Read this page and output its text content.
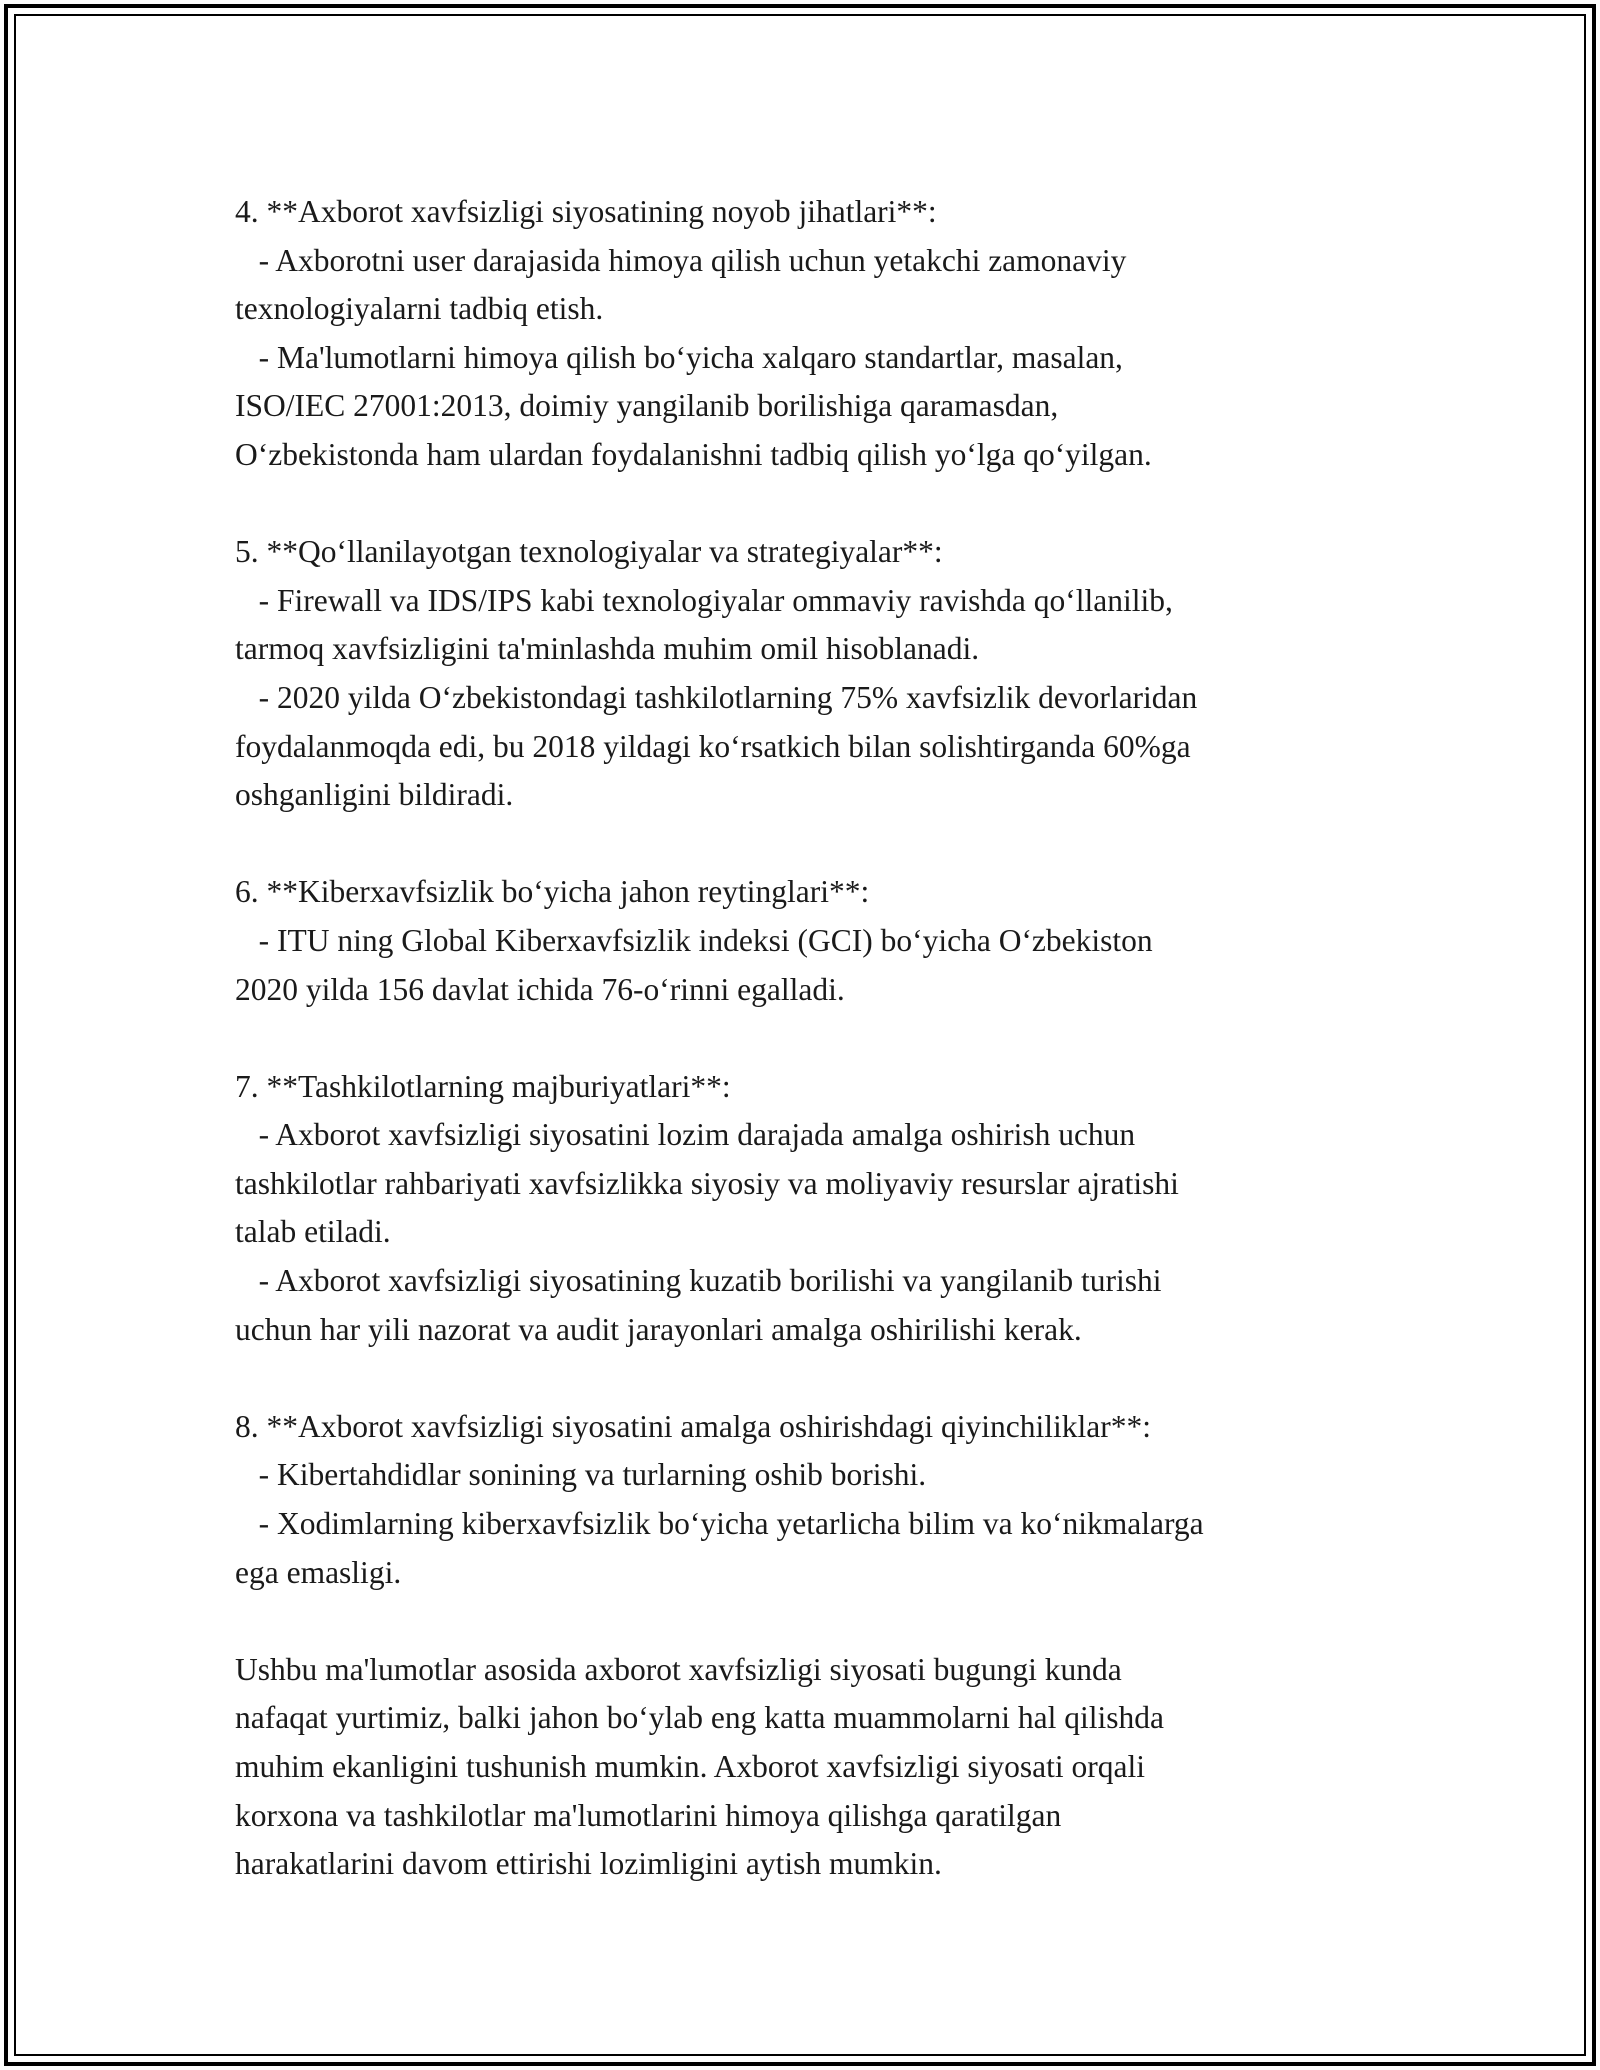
4. **Axborot xavfsizligi siyosatining noyob jihatlari**:
- Axborotni user darajasida himoya qilish uchun yetakchi zamonaviy
texnologiyalarni tadbiq etish.
- Ma'lumotlarni himoya qilish bo‘yicha xalqaro standartlar, masalan,
ISO/IEC 27001:2013, doimiy yangilanib borilishiga qaramasdan,
O‘zbekistonda ham ulardan foydalanishni tadbiq qilish yo‘lga qo‘yilgan.
5. **Qo‘llanilayotgan texnologiyalar va strategiyalar**:
- Firewall va IDS/IPS kabi texnologiyalar ommaviy ravishda qo‘llanilib,
tarmoq xavfsizligini ta'minlashda muhim omil hisoblanadi.
- 2020 yilda O‘zbekistondagi tashkilotlarning 75% xavfsizlik devorlaridan
foydalanmoqda edi, bu 2018 yildagi ko‘rsatkich bilan solishtirganda 60%ga
oshganligini bildiradi.
6. **Kiberxavfsizlik bo‘yicha jahon reytinglari**:
- ITU ning Global Kiberxavfsizlik indeksi (GCI) bo‘yicha O‘zbekiston
2020 yilda 156 davlat ichida 76-o‘rinni egalladi.
7. **Tashkilotlarning majburiyatlari**:
- Axborot xavfsizligi siyosatini lozim darajada amalga oshirish uchun
tashkilotlar rahbariyati xavfsizlikka siyosiy va moliyaviy resurslar ajratishi
talab etiladi.
- Axborot xavfsizligi siyosatining kuzatib borilishi va yangilanib turishi
uchun har yili nazorat va audit jarayonlari amalga oshirilishi kerak.
8. **Axborot xavfsizligi siyosatini amalga oshirishdagi qiyinchiliklar**:
- Kibertahdidlar sonining va turlarning oshib borishi.
- Xodimlarning kiberxavfsizlik bo‘yicha yetarlicha bilim va ko‘nikmalarga
ega emasligi.
Ushbu ma'lumotlar asosida axborot xavfsizligi siyosati bugungi kunda
nafaqat yurtimiz, balki jahon bo‘ylab eng katta muammolarni hal qilishda
muhim ekanligini tushunish mumkin. Axborot xavfsizligi siyosati orqali
korxona va tashkilotlar ma'lumotlarini himoya qilishga qaratilgan
harakatlarini davom ettirishi lozimligini aytish mumkin.
